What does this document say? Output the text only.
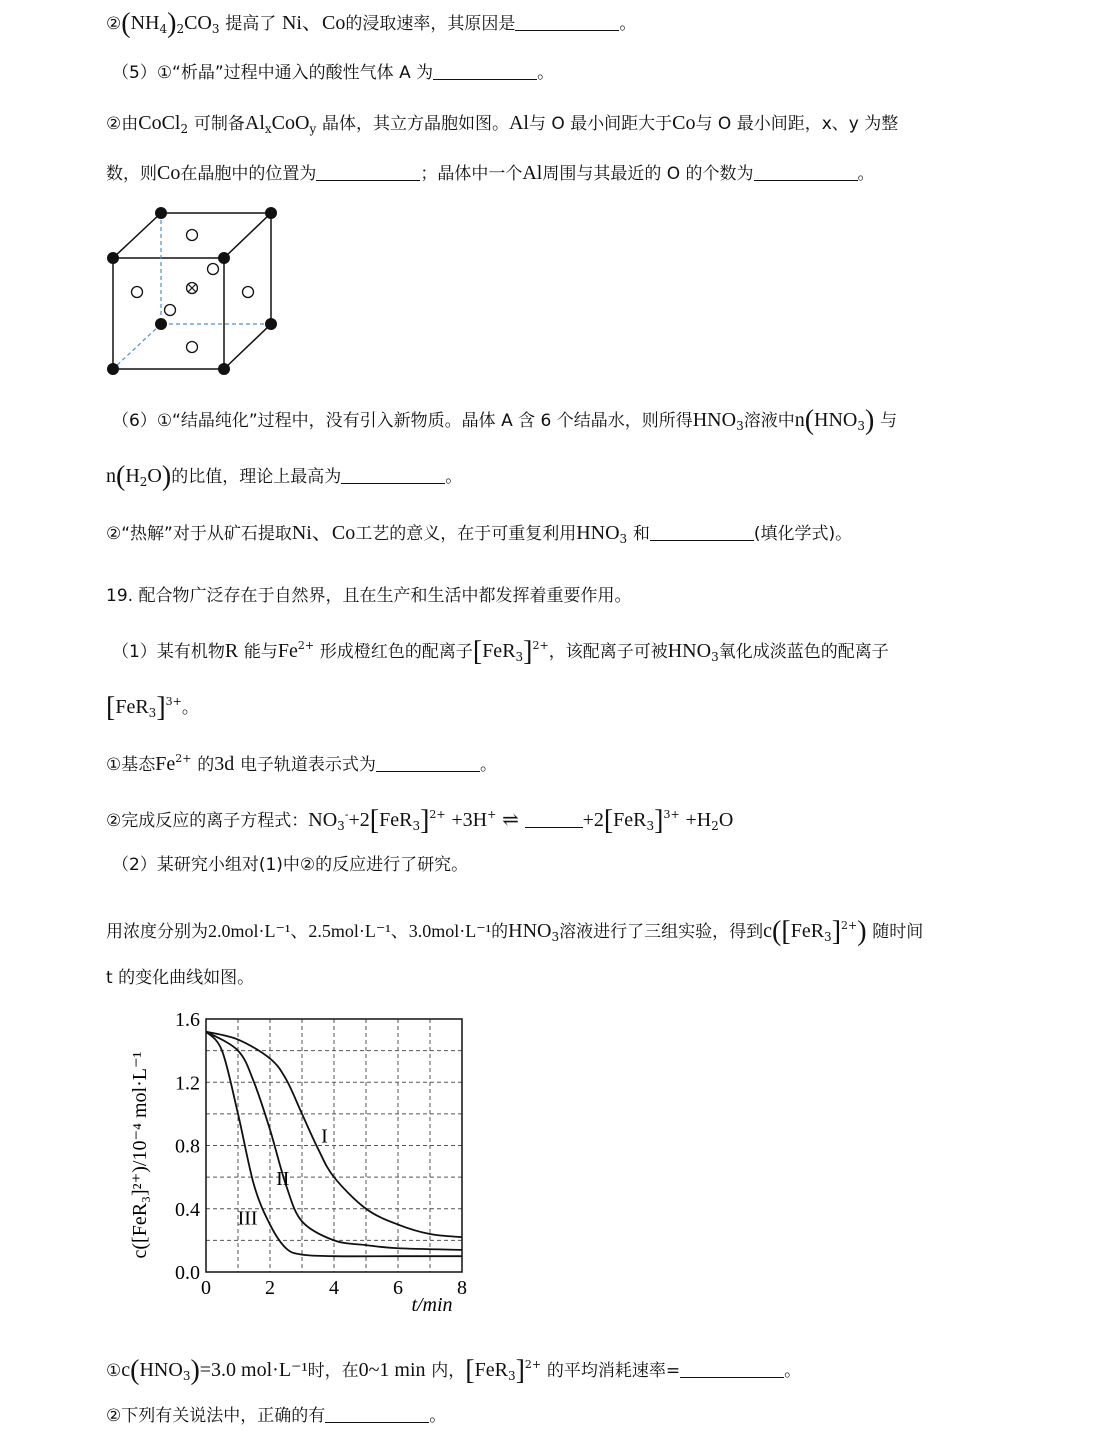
$②(NH_4)_2CO_3$ 提高了 Ni、Co的浸取速率，其原因是	。
（5）①“析晶”过程中通入的酸性气体 A 为	。
②由CoCl$_2$ 可制备$Al_xCoO_y$ 晶体，其立方晶胞如图。Al与 O 最小间距大于Co与 O 最小间距，x、y 为整
数，则Co在晶胞中的位置为	；晶体中一个Al周围与其最近的 O 的个数为	。
（6）①“结晶纯化”过程中，没有引入新物质。晶体 A 含 6 个结晶水，则所得$HNO_3$溶液中$n(HNO_3)$ 与
$n(H_2O)$的比值，理论上最高为	。
②“热解”对于从矿石提取Ni、Co工艺的意义，在于可重复利用$HNO_3$ 和	(填化学式)。
19. 配合物广泛存在于自然界，且在生产和生活中都发挥着重要作用。
（1）某有机物R 能与$Fe^{2+}$ 形成橙红色的配离子$[FeR_3]^{2+}$，该配离子可被$HNO_3$氧化成淡蓝色的配离子
$[FeR_3]^{3+}$。
①基态$Fe^{2+}$ 的3d 电子轨道表示式为	。
②完成反应的离子方程式：$NO_3^-+2[FeR_3]^{2+} +3H^+$ ⇌	$+2[FeR_3]^{3+} +H_2O$
（2）某研究小组对(1)中②的反应进行了研究。
用浓度分别为2.0mol·L⁻¹、2.5mol·L⁻¹、3.0mol·L⁻¹的$HNO_3$溶液进行了三组实验，得到$c([FeR_3]^{2+})$ 随时间
t 的变化曲线如图。
0	2	4	6	8
0.0
0.4
0.8
1.2
1.6
I
II
III
t/min
c([FeR₃]²⁺)/10⁻⁴ mol·L⁻¹
$①c(HNO_3)=3.0$ mol·L⁻¹时，在0~1 min 内，$[FeR_3]^{2+}$ 的平均消耗速率=	。
②下列有关说法中，正确的有	。
